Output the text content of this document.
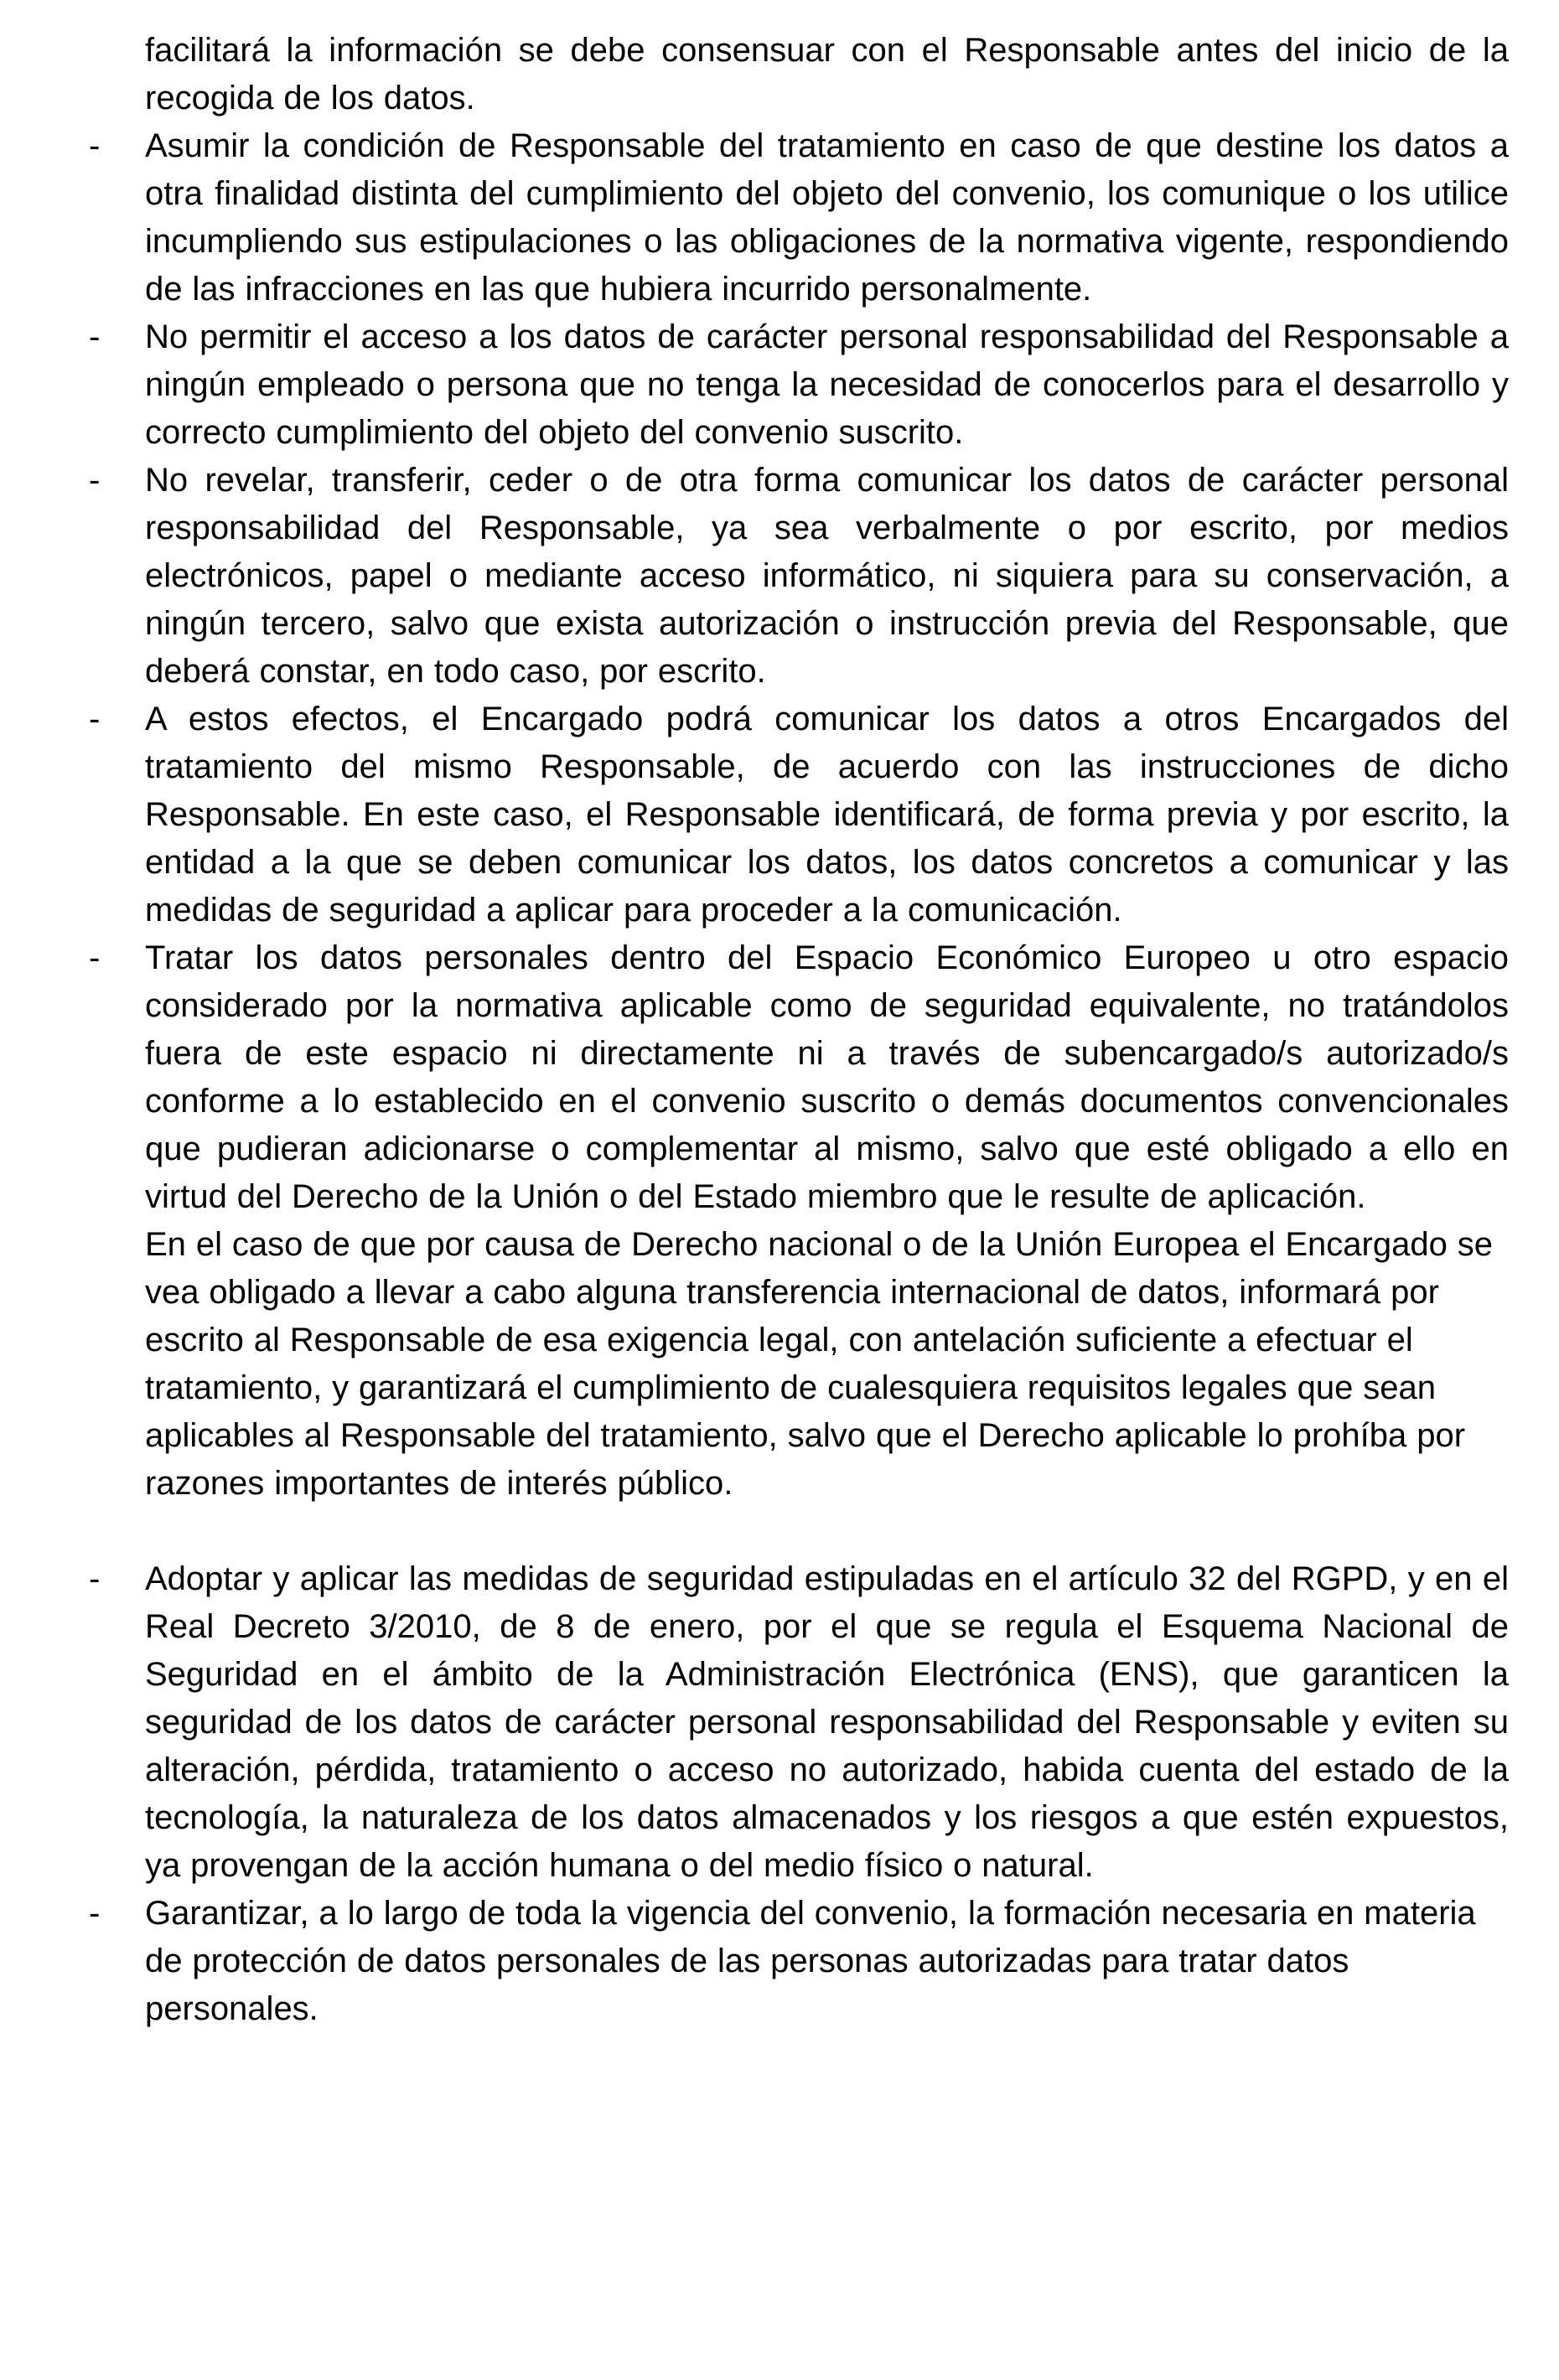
facilitará la información se debe consensuar con el Responsable antes del inicio de la recogida de los datos.

-	Asumir la condición de Responsable del tratamiento en caso de que destine los datos a otra finalidad distinta del cumplimiento del objeto del convenio, los comunique o los utilice incumpliendo sus estipulaciones o las obligaciones de la normativa vigente, respondiendo de las infracciones en las que hubiera incurrido personalmente.

-	No permitir el acceso a los datos de carácter personal responsabilidad del Responsable a ningún empleado o persona que no tenga la necesidad de conocerlos para el desarrollo y correcto cumplimiento del objeto del convenio suscrito.

-	No revelar, transferir, ceder o de otra forma comunicar los datos de carácter personal responsabilidad del Responsable, ya sea verbalmente o por escrito, por medios electrónicos, papel o mediante acceso informático, ni siquiera para su conservación, a ningún tercero, salvo que exista autorización o instrucción previa del Responsable, que deberá constar, en todo caso, por escrito.

-	A estos efectos, el Encargado podrá comunicar los datos a otros Encargados del tratamiento del mismo Responsable, de acuerdo con las instrucciones de dicho Responsable. En este caso, el Responsable identificará, de forma previa y por escrito, la entidad a la que se deben comunicar los datos, los datos concretos a comunicar y las medidas de seguridad a aplicar para proceder a la comunicación.

-	Tratar los datos personales dentro del Espacio Económico Europeo u otro espacio considerado por la normativa aplicable como de seguridad equivalente, no tratándolos fuera de este espacio ni directamente ni a través de subencargado/s autorizado/s conforme a lo establecido en el convenio suscrito o demás documentos convencionales que pudieran adicionarse o complementar al mismo, salvo que esté obligado a ello en virtud del Derecho de la Unión o del Estado miembro que le resulte de aplicación.

En el caso de que por causa de Derecho nacional o de la Unión Europea el Encargado se vea obligado a llevar a cabo alguna transferencia internacional de datos, informará por escrito al Responsable de esa exigencia legal, con antelación suficiente a efectuar el tratamiento, y garantizará el cumplimiento de cualesquiera requisitos legales que sean aplicables al Responsable del tratamiento, salvo que el Derecho aplicable lo prohíba por razones importantes de interés público.

-	Adoptar y aplicar las medidas de seguridad estipuladas en el artículo 32 del RGPD, y en el Real Decreto 3/2010, de 8 de enero, por el que se regula el Esquema Nacional de Seguridad en el ámbito de la Administración Electrónica (ENS), que garanticen la seguridad de los datos de carácter personal responsabilidad del Responsable y eviten su alteración, pérdida, tratamiento o acceso no autorizado, habida cuenta del estado de la tecnología, la naturaleza de los datos almacenados y los riesgos a que estén expuestos, ya provengan de la acción humana o del medio físico o natural.

-	Garantizar, a lo largo de toda la vigencia del convenio, la formación necesaria en materia de protección de datos personales de las personas autorizadas para tratar datos personales.
